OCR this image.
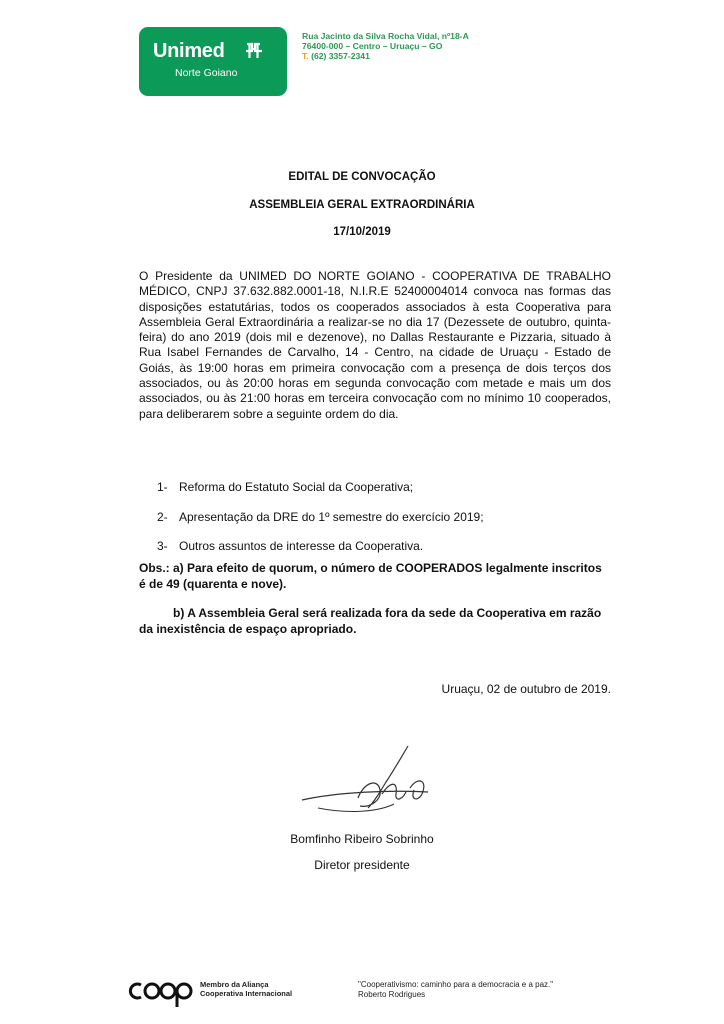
Unimed
Norte Goiano
Rua Jacinto da Silva Rocha Vidal, nº18-A
76400-000 – Centro – Uruaçu – GO
T. (62) 3357-2341
EDITAL DE CONVOCAÇÃO
ASSEMBLEIA GERAL EXTRAORDINÁRIA
17/10/2019
O Presidente da UNIMED DO NORTE GOIANO - COOPERATIVA DE TRABALHO MÉDICO, CNPJ 37.632.882.0001-18, N.I.R.E 52400004014 convoca nas formas das disposições estatutárias, todos os cooperados associados à esta Cooperativa para Assembleia Geral Extraordinária a realizar-se no dia 17 (Dezessete de outubro, quinta-feira) do ano 2019 (dois mil e dezenove), no Dallas Restaurante e Pizzaria, situado à Rua Isabel Fernandes de Carvalho, 14 - Centro, na cidade de Uruaçu - Estado de Goiás, às 19:00 horas em primeira convocação com a presença de dois terços dos associados, ou às 20:00 horas em segunda convocação com metade e mais um dos associados, ou às 21:00 horas em terceira convocação com no mínimo 10 cooperados, para deliberarem sobre a seguinte ordem do dia.
1- Reforma do Estatuto Social da Cooperativa;
2- Apresentação da DRE do 1º semestre do exercício 2019;
3- Outros assuntos de interesse da Cooperativa.
Obs.: a) Para efeito de quorum, o número de COOPERADOS legalmente inscritos é de 49 (quarenta e nove).
b) A Assembleia Geral será realizada fora da sede da Cooperativa em razão da inexistência de espaço apropriado.
Uruaçu, 02 de outubro de 2019.
Bomfinho Ribeiro Sobrinho
Diretor presidente
Membro da Aliança
Cooperativa Internacional
"Cooperativismo: caminho para a democracia e a paz."
Roberto Rodrigues
